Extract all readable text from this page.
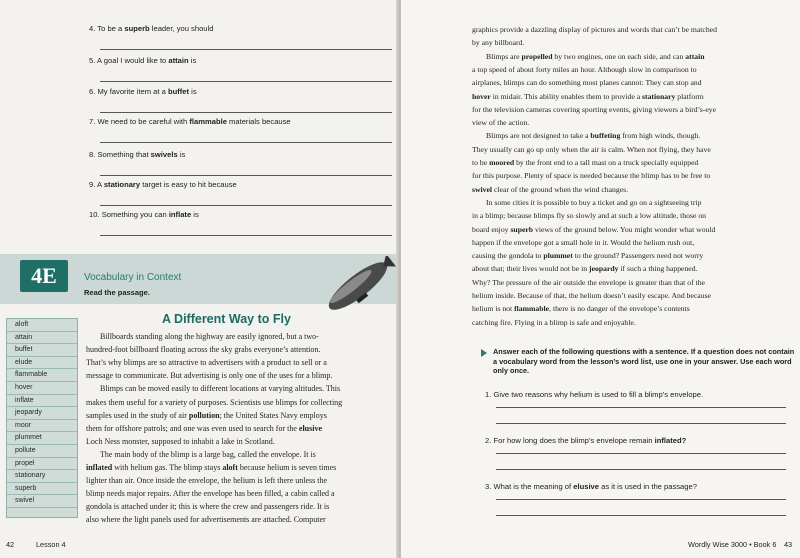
4. To be a superb leader, you should
5. A goal I would like to attain is
6. My favorite item at a buffet is
7. We need to be careful with flammable materials because
8. Something that swivels is
9. A stationary target is easy to hit because
10. Something you can inflate is
4E	Vocabulary in Context
Read the passage.
aloft
attain
buffet
elude
flammable
hover
inflate
jeopardy
moor
plummet
pollute
propel
stationary
superb
swivel
A Different Way to Fly
Billboards standing along the highway are easily ignored, but a two-
hundred-foot billboard floating across the sky grabs everyone’s attention.
That’s why blimps are so attractive to advertisers with a product to sell or a
message to communicate. But advertising is only one of the uses for a blimp.
Blimps can be moved easily to different locations at varying altitudes. This
makes them useful for a variety of purposes. Scientists use blimps for collecting
samples used in the study of air pollution; the United States Navy employs
them for offshore patrols; and one was even used to search for the elusive
Loch Ness monster, supposed to inhabit a lake in Scotland.
The main body of the blimp is a large bag, called the envelope. It is
inflated with helium gas. The blimp stays aloft because helium is seven times
lighter than air. Once inside the envelope, the helium is left there unless the
blimp needs major repairs. After the envelope has been filled, a cabin called a
gondola is attached under it; this is where the crew and passengers ride. It is
also where the light panels used for advertisements are attached. Computer
42	Lesson 4
graphics provide a dazzling display of pictures and words that can’t be matched
by any billboard.
Blimps are propelled by two engines, one on each side, and can attain
a top speed of about forty miles an hour. Although slow in comparison to
airplanes, blimps can do something most planes cannot: They can stop and
hover in midair. This ability enables them to provide a stationary platform
for the television cameras covering sporting events, giving viewers a bird’s-eye
view of the action.
Blimps are not designed to take a buffeting from high winds, though.
They usually can go up only when the air is calm. When not flying, they have
to be moored by the front end to a tall mast on a truck specially equipped
for this purpose. Plenty of space is needed because the blimp has to be free to
swivel clear of the ground when the wind changes.
In some cities it is possible to buy a ticket and go on a sightseeing trip
in a blimp; because blimps fly so slowly and at such a low altitude, those on
board enjoy superb views of the ground below. You might wonder what would
happen if the envelope got a small hole in it. Would the helium rush out,
causing the gondola to plummet to the ground? Passengers need not worry
about that; their lives would not be in jeopardy if such a thing happened.
Why? The pressure of the air outside the envelope is greater than that of the
helium inside. Because of that, the helium doesn’t easily escape. And because
helium is not flammable, there is no danger of the envelope’s contents
catching fire. Flying in a blimp is safe and enjoyable.
Answer each of the following questions with a sentence. If a question does not contain a vocabulary word from the lesson’s word list, use one in your answer. Use each word only once.
1. Give two reasons why helium is used to fill a blimp’s envelope.
2. For how long does the blimp’s envelope remain inflated?
3. What is the meaning of elusive as it is used in the passage?
Wordly Wise 3000 • Book 6 43
